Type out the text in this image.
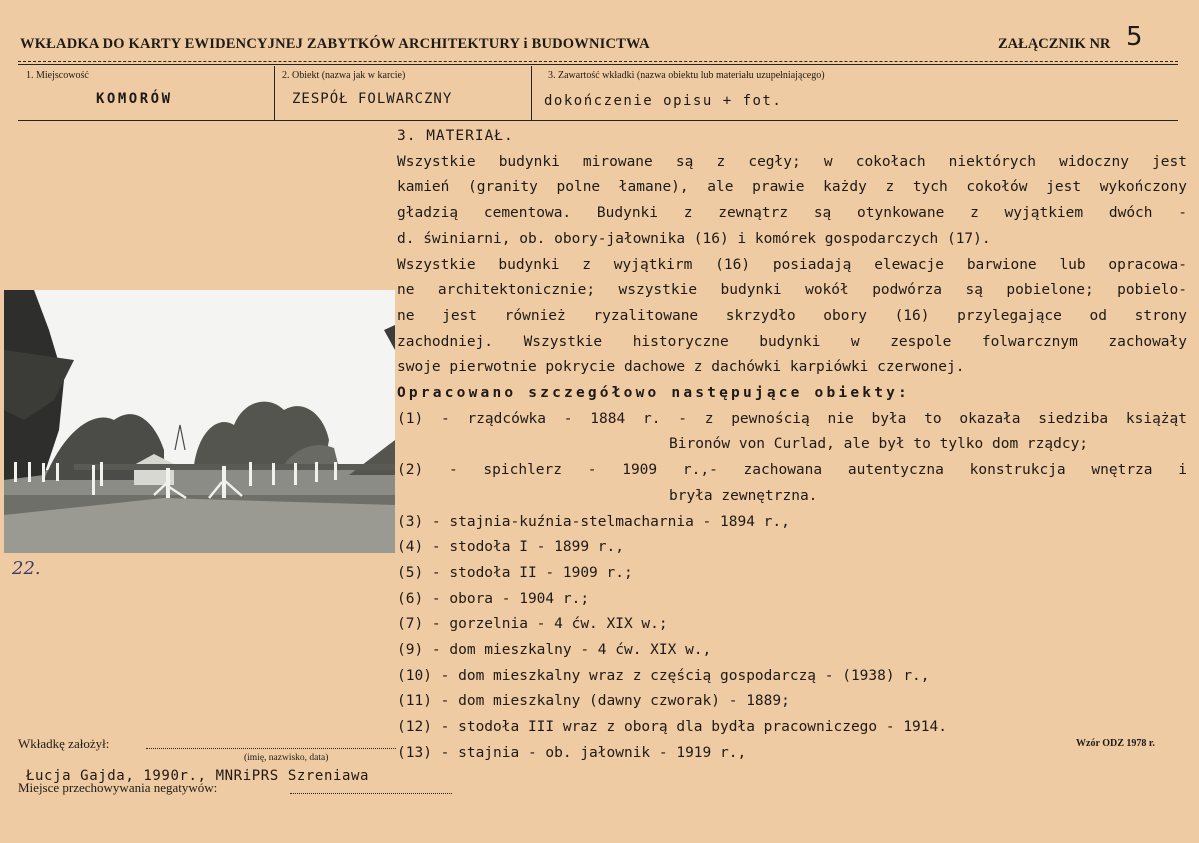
WKŁADKA DO KARTY EWIDENCYJNEJ ZABYTKÓW ARCHITEKTURY i BUDOWNICTWA	ZAŁĄCZNIK NR 5
1. Miejscowość
KOMORÓW
2. Obiekt (nazwa jak w karcie)
ZESPÓŁ FOLWARCZNY
3. Zawartość wkładki (nazwa obiektu lub materiału uzupełniającego)
dokończenie opisu + fot.
22.
3. MATERIAŁ.
Wszystkie budynki mirowane są z cegły; w cokołach niektórych widoczny jest
kamień (granity polne łamane), ale prawie każdy z tych cokołów jest wykończony
gładzią cementowa. Budynki z zewnątrz są otynkowane z wyjątkiem dwóch -
d. świniarni, ob. obory-jałownika (16) i komórek gospodarczych (17).
Wszystkie budynki z wyjątkirm (16) posiadają elewacje barwione lub opracowa-
ne architektonicznie; wszystkie budynki wokół podwórza są pobielone; pobielo-
ne jest również ryzalitowane skrzydło obory (16) przylegające od strony
zachodniej. Wszystkie historyczne budynki w zespole folwarcznym zachowały
swoje pierwotnie pokrycie dachowe z dachówki karpiówki czerwonej.
Opracowano szczegółowo następujące obiekty:
(1) - rządcówka - 1884 r. - z pewnością nie była to okazała siedziba książąt
Bironów von Curlad, ale był to tylko dom rządcy;
(2) - spichlerz - 1909 r.,- zachowana autentyczna konstrukcja wnętrza i
bryła zewnętrzna.
(3) - stajnia-kuźnia-stelmacharnia - 1894 r.,
(4) - stodoła I - 1899 r.,
(5) - stodoła II - 1909 r.;
(6) - obora - 1904 r.;
(7) - gorzelnia - 4 ćw. XIX w.;
(9) - dom mieszkalny - 4 ćw. XIX w.,
(10) - dom mieszkalny wraz z częścią gospodarczą - (1938) r.,
(11) - dom mieszkalny (dawny czworak) - 1889;
(12) - stodoła III wraz z oborą dla bydła pracowniczego - 1914.
(13) - stajnia - ob. jałownik - 1919 r.,
Wkładkę założył:
(imię, nazwisko, data)
Łucja Gajda, 1990r., MNRiPRS Szreniawa
Miejsce przechowywania negatywów:
Wzór ODZ 1978 r.
